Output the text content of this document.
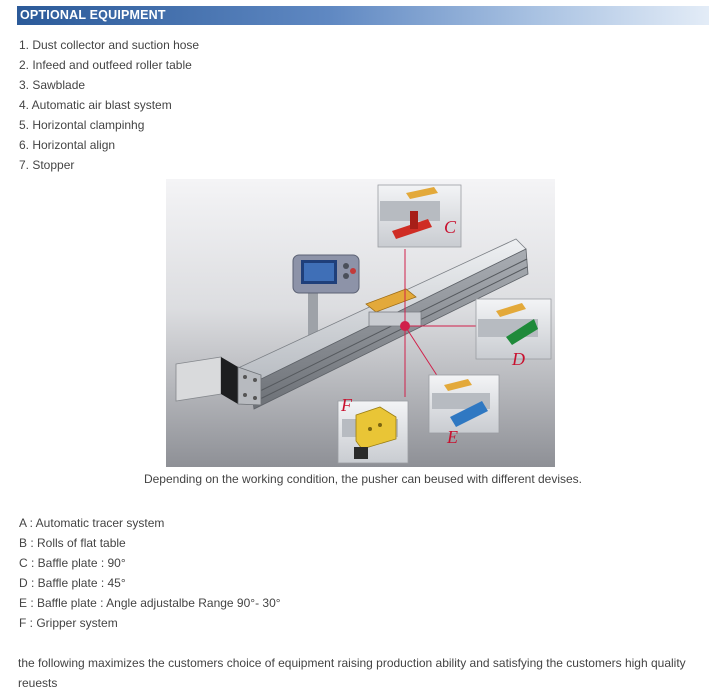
OPTIONAL EQUIPMENT
1. Dust collector and suction hose
2. Infeed and outfeed roller table
3. Sawblade
4. Automatic air blast system
5. Horizontal clampinhg
6. Horizontal align
7. Stopper
C
D
E
F
Depending on the working condition, the pusher can beused with different devises.
A : Automatic tracer system
B : Rolls of flat table
C : Baffle plate : 90°
D : Baffle plate : 45°
E : Baffle plate : Angle adjustalbe Range 90°- 30°
F : Gripper system
the following maximizes the customers choice of equipment raising production ability and satisfying the customers high quality reuests
